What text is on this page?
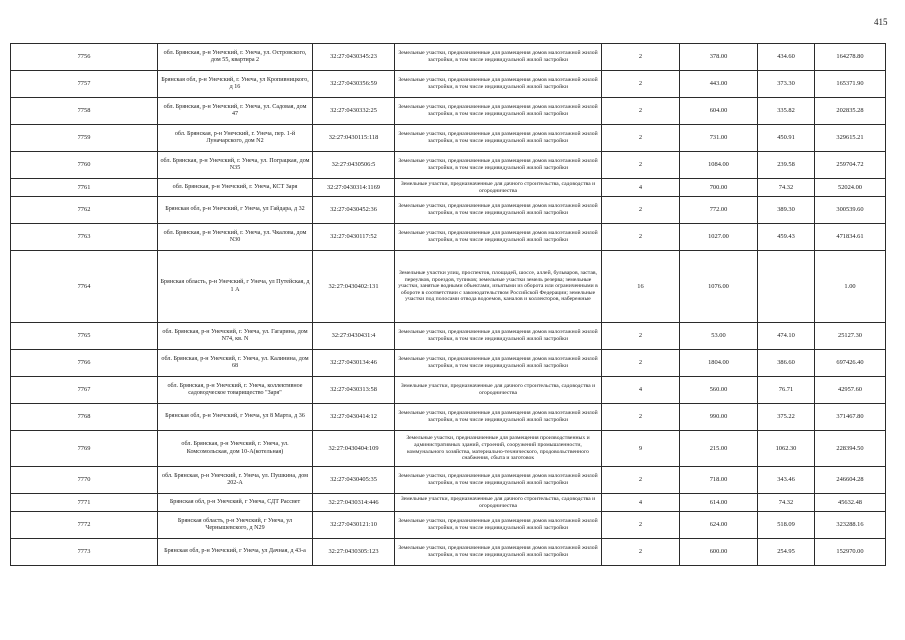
415
7756	обл. Брянская, р-н Унечский, г. Унеча, ул. Островского, дом 55, квартира 2	32:27:0430345:23	Земельные участки, предназначенные для размещения домов малоэтажной жилой застройки, в том числе индивидуальной жилой застройки	2	378.00	434.60	164278.80
7757	Брянская обл, р-н Унечский, г. Унеча, ул Кропивницкого, д 16	32:27:0430356:59	Земельные участки, предназначенные для размещения домов малоэтажной жилой застройки, в том числе индивидуальной жилой застройки	2	443.00	373.30	165371.90
7758	обл. Брянская, р-н Унечский, г. Унеча, ул. Садовая, дом 47	32:27:0430332:25	Земельные участки, предназначенные для размещения домов малоэтажной жилой застройки, в том числе индивидуальной жилой застройки	2	604.00	335.82	202835.28
7759	обл. Брянская, р-н Унечский, г. Унеча, пер. 1-й Луначарского, дом N2	32:27:0430115:118	Земельные участки, предназначенные для размещения домов малоэтажной жилой застройки, в том числе индивидуальной жилой застройки	2	731.00	450.91	329615.21
7760	обл. Брянская, р-н Унечский, г. Унеча, ул. Пограцкая, дом N35	32:27:0430506:5	Земельные участки, предназначенные для размещения домов малоэтажной жилой застройки, в том числе индивидуальной жилой застройки	2	1084.00	239.58	259704.72
7761	обл. Брянская, р-н Унечский, г. Унеча, КСТ Заря	32:27:0430314:1169	Земельные участки, предназначенные для дачного строительства, садоводства и огородничества	4	700.00	74.32	52024.00
7762	Брянская обл, р-н Унечский, г Унеча, ул Гайдара, д 32	32:27:0430452:36	Земельные участки, предназначенные для размещения домов малоэтажной жилой застройки, в том числе индивидуальной жилой застройки	2	772.00	389.30	300539.60
7763	обл. Брянская, р-н Унечский, г. Унеча, ул. Чкалова, дом N30	32:27:0430117:52	Земельные участки, предназначенные для размещения домов малоэтажной жилой застройки, в том числе индивидуальной жилой застройки	2	1027.00	459.43	471834.61
7764	Брянская область, р-н Унечский, г Унеча, ул Путейская, д 1 А	32:27:0430402:131	Земельные участки улиц, проспектов, площадей, шоссе, аллей, бульваров, застав, переулков, проездов, тупиков; земельные участки земель резерва; земельные участки, занятые водными объектами, изъятыми из оборота или ограниченными в обороте в соответствии с законодательством Российской Федерации; земельные участки под полосами отвода водоемов, каналов и коллекторов, набережные	16	1076.00		1.00
7765	обл. Брянская, р-н Унечский, г. Унеча, ул. Гагарина, дом N74, кв. N	32:27:0430431:4	Земельные участки, предназначенные для размещения домов малоэтажной жилой застройки, в том числе индивидуальной жилой застройки	2	53.00	474.10	25127.30
7766	обл. Брянская, р-н Унечский, г. Унеча, ул. Калинина, дом 68	32:27:0430134:46	Земельные участки, предназначенные для размещения домов малоэтажной жилой застройки, в том числе индивидуальной жилой застройки	2	1804.00	386.60	697426.40
7767	обл. Брянская, р-н Унечский, г. Унеча, коллективное садоводческое товарищество "Заря"	32:27:0430313:58	Земельные участки, предназначенные для дачного строительства, садоводства и огородничества	4	560.00	76.71	42957.60
7768	Брянская обл, р-н Унечский, г Унеча, ул 8 Марта, д 36	32:27:0430414:12	Земельные участки, предназначенные для размещения домов малоэтажной жилой застройки, в том числе индивидуальной жилой застройки	2	990.00	375.22	371467.80
7769	обл. Брянская, р-н Унечский, г. Унеча, ул. Комсомольская, дом 10-А(котельная)	32:27:0430404:109	Земельные участки, предназначенные для размещения производственных и административных зданий, строений, сооружений промышленности, коммунального хозяйства, материально-технического, продовольственного снабжения, сбыта и заготовок	9	215.00	1062.30	228394.50
7770	обл. Брянская, р-н Унечский, г. Унеча, ул. Пушкина, дом 202-А	32:27:0430405:35	Земельные участки, предназначенные для размещения домов малоэтажной жилой застройки, в том числе индивидуальной жилой застройки	2	718.00	343.46	246604.28
7771	Брянская обл, р-н Унечский, г Унеча, СДТ Рассвет	32:27:0430314:446	Земельные участки, предназначенные для дачного строительства, садоводства и огородничества	4	614.00	74.32	45632.48
7772	Брянская область, р-н Унечский, г Унеча, ул Чернышевского, д N29	32:27:0430121:10	Земельные участки, предназначенные для размещения домов малоэтажной жилой застройки, в том числе индивидуальной жилой застройки	2	624.00	518.09	323288.16
7773	Брянская обл, р-н Унечский, г Унеча, ул Дачная, д 43-а	32:27:0430305:123	Земельные участки, предназначенные для размещения домов малоэтажной жилой застройки, в том числе индивидуальной жилой застройки	2	600.00	254.95	152970.00
